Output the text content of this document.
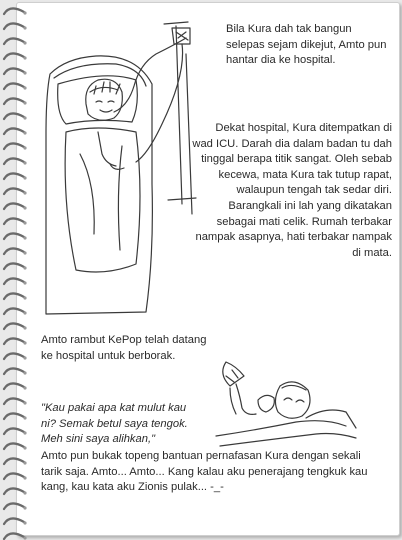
Bila Kura dah tak bangun selepas sejam dikejut, Amto pun hantar dia ke hospital.

Dekat hospital, Kura ditempatkan di wad ICU. Darah dia dalam badan tu dah tinggal berapa titik sangat. Oleh sebab kecewa, mata Kura tak tutup rapat, walaupun tengah tak sedar diri. Barangkali ini lah yang dikatakan sebagai mati celik. Rumah terbakar nampak asapnya, hati terbakar nampak di mata.

Amto rambut KePop telah datang ke hospital untuk berborak.

"Kau pakai apa kat mulut kau ni? Semak betul saya tengok. Meh sini saya alihkan,"

Amto pun bukak topeng bantuan pernafasan Kura dengan sekali tarik saja. Amto... Amto... Kang kalau aku penerajang tengkuk kau kang, kau kata aku Zionis pulak... -_-
